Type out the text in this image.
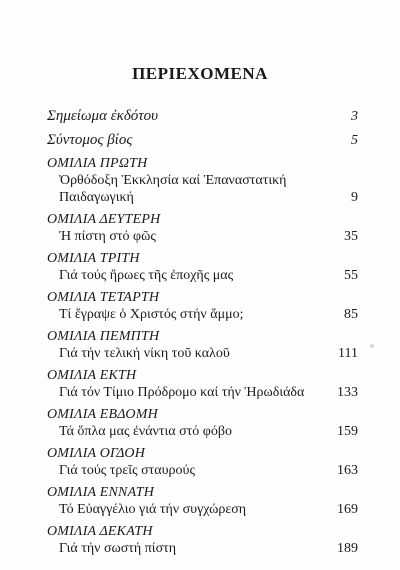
ΠΕΡΙΕΧΟΜΕΝΑ
Σημείωμα ἐκδότου	3
Σύντομος βίος	5
ΟΜΙΛΙΑ ΠΡΩΤΗ
Ὀρθόδοξη Ἐκκλησία καί Ἐπαναστατική Παιδαγωγική	9
ΟΜΙΛΙΑ ΔΕΥΤΕΡΗ
Ἡ πίστη στό φῶς	35
ΟΜΙΛΙΑ ΤΡΙΤΗ
Γιά τούς ἥρωες τῆς ἐποχῆς μας	55
ΟΜΙΛΙΑ ΤΕΤΑΡΤΗ
Τί ἔγραψε ὁ Χριστός στήν ἄμμο;	85
ΟΜΙΛΙΑ ΠΕΜΠΤΗ
Γιά τήν τελική νίκη τοῦ καλοῦ	111
ΟΜΙΛΙΑ ΕΚΤΗ
Γιά τόν Τίμιο Πρόδρομο καί τήν Ἡρωδιάδα	133
ΟΜΙΛΙΑ ΕΒΔΟΜΗ
Τά ὅπλα μας ἐνάντια στό φόβο	159
ΟΜΙΛΙΑ ΟΓΔΟΗ
Γιά τούς τρεῖς σταυρούς	163
ΟΜΙΛΙΑ ΕΝΝΑΤΗ
Τό Εὐαγγέλιο γιά τήν συγχώρεση	169
ΟΜΙΛΙΑ ΔΕΚΑΤΗ
Γιά τήν σωστή πίστη	189
